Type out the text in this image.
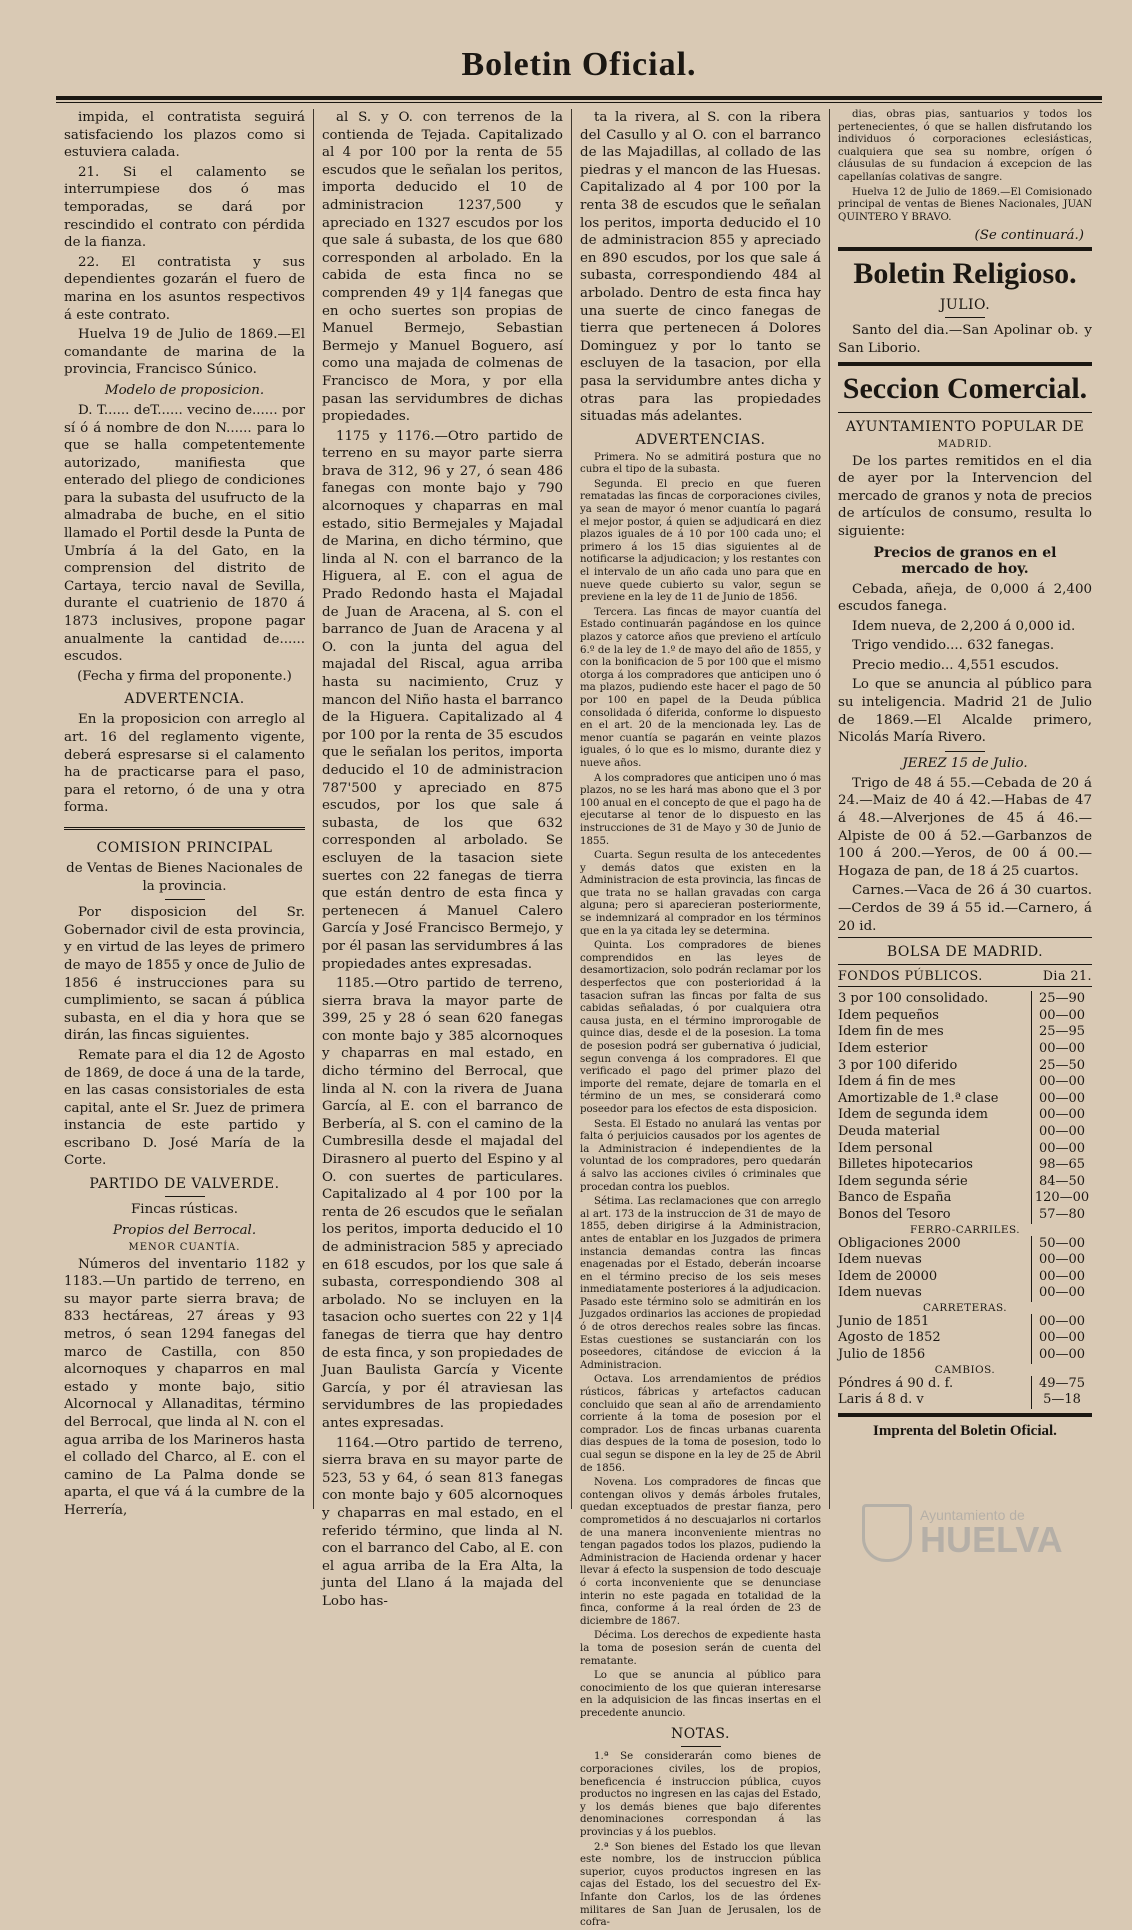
Boletin Oficial.

impida, el contratista seguirá satisfaciendo los plazos como si estuviera calada.

21. Si el calamento se interrumpiese dos ó mas temporadas, se dará por rescindido el contrato con pérdida de la fianza.

22. El contratista y sus dependientes gozarán el fuero de marina en los asuntos respectivos á este contrato.

Huelva 19 de Julio de 1869.—El comandante de marina de la provincia, Francisco Súnico.

Modelo de proposicion.

D. T...... deT...... vecino de...... por sí ó á nombre de don N...... para lo que se halla competentemente autorizado, manifiesta que enterado del pliego de condiciones para la subasta del usufructo de la almadraba de buche, en el sitio llamado el Portil desde la Punta de Umbría á la del Gato, en la comprension del distrito de Cartaya, tercio naval de Sevilla, durante el cuatrienio de 1870 á 1873 inclusives, propone pagar anualmente la cantidad de...... escudos.

(Fecha y firma del proponente.)

ADVERTENCIA.

En la proposicion con arreglo al art. 16 del reglamento vigente, deberá espresarse si el calamento ha de practicarse para el paso, para el retorno, ó de una y otra forma.

COMISION PRINCIPAL

de Ventas de Bienes Nacionales de la provincia.

Por disposicion del Sr. Gobernador civil de esta provincia, y en virtud de las leyes de primero de mayo de 1855 y once de Julio de 1856 é instrucciones para su cumplimiento, se sacan á pública subasta, en el dia y hora que se dirán, las fincas siguientes.

Remate para el dia 12 de Agosto de 1869, de doce á una de la tarde, en las casas consistoriales de esta capital, ante el Sr. Juez de primera instancia de este partido y escribano D. José María de la Corte.

PARTIDO DE VALVERDE.

Fincas rústicas.

Propios del Berrocal.
MENOR CUANTÍA.

Números del inventario 1182 y 1183.—Un partido de terreno, en su mayor parte sierra brava; de 833 hectáreas, 27 áreas y 93 metros, ó sean 1294 fanegas del marco de Castilla, con 850 alcornoques y chaparros en mal estado y monte bajo, sitio Alcornocal y Allanaditas, término del Berrocal, que linda al N. con el agua arriba de los Marineros hasta el collado del Charco, al E. con el camino de La Palma donde se aparta, el que vá á la cumbre de la Herrería,

al S. y O. con terrenos de la contienda de Tejada. Capitalizado al 4 por 100 por la renta de 55 escudos que le señalan los peritos, importa deducido el 10 de administracion 1237,500 y apreciado en 1327 escudos por los que sale á subasta, de los que 680 corresponden al arbolado. En la cabida de esta finca no se comprenden 49 y 1|4 fanegas que en ocho suertes son propias de Manuel Bermejo, Sebastian Bermejo y Manuel Boguero, así como una majada de colmenas de Francisco de Mora, y por ella pasan las servidumbres de dichas propiedades.

1175 y 1176.—Otro partido de terreno en su mayor parte sierra brava de 312, 96 y 27, ó sean 486 fanegas con monte bajo y 790 alcornoques y chaparras en mal estado, sitio Bermejales y Majadal de Marina, en dicho término, que linda al N. con el barranco de la Higuera, al E. con el agua de Prado Redondo hasta el Majadal de Juan de Aracena, al S. con el barranco de Juan de Aracena y al O. con la junta del agua del majadal del Riscal, agua arriba hasta su nacimiento, Cruz y mancon del Niño hasta el barranco de la Higuera. Capitalizado al 4 por 100 por la renta de 35 escudos que le señalan los peritos, importa deducido el 10 de administracion 787'500 y apreciado en 875 escudos, por los que sale á subasta, de los que 632 corresponden al arbolado. Se escluyen de la tasacion siete suertes con 22 fanegas de tierra que están dentro de esta finca y pertenecen á Manuel Calero García y José Francisco Bermejo, y por él pasan las servidumbres á las propiedades antes expresadas.

1185.—Otro partido de terreno, sierra brava la mayor parte de 399, 25 y 28 ó sean 620 fanegas con monte bajo y 385 alcornoques y chaparras en mal estado, en dicho término del Berrocal, que linda al N. con la rivera de Juana García, al E. con el barranco de Berbería, al S. con el camino de la Cumbresilla desde el majadal del Dirasnero al puerto del Espino y al O. con suertes de particulares. Capitalizado al 4 por 100 por la renta de 26 escudos que le señalan los peritos, importa deducido el 10 de administracion 585 y apreciado en 618 escudos, por los que sale á subasta, correspondiendo 308 al arbolado. No se incluyen en la tasacion ocho suertes con 22 y 1|4 fanegas de tierra que hay dentro de esta finca, y son propiedades de Juan Baulista García y Vicente García, y por él atraviesan las servidumbres de las propiedades antes expresadas.

1164.—Otro partido de terreno, sierra brava en su mayor parte de 523, 53 y 64, ó sean 813 fanegas con monte bajo y 605 alcornoques y chaparras en mal estado, en el referido término, que linda al N. con el barranco del Cabo, al E. con el agua arriba de la Era Alta, la junta del Llano á la majada del Lobo has-

ta la rivera, al S. con la ribera del Casullo y al O. con el barranco de las Majadillas, al collado de las piedras y el mancon de las Huesas. Capitalizado al 4 por 100 por la renta 38 de escudos que le señalan los peritos, importa deducido el 10 de administracion 855 y apreciado en 890 escudos, por los que sale á subasta, correspondiendo 484 al arbolado. Dentro de esta finca hay una suerte de cinco fanegas de tierra que pertenecen á Dolores Dominguez y por lo tanto se escluyen de la tasacion, por ella pasa la servidumbre antes dicha y otras para las propiedades situadas más adelantes.

ADVERTENCIAS.

Primera. No se admitirá postura que no cubra el tipo de la subasta.

Segunda. El precio en que fueren rematadas las fincas de corporaciones civiles, ya sean de mayor ó menor cuantía lo pagará el mejor postor, á quien se adjudicará en diez plazos iguales de á 10 por 100 cada uno; el primero á los 15 dias siguientes al de notificarse la adjudicacion; y los restantes con el intervalo de un año cada uno para que en nueve quede cubierto su valor, segun se previene en la ley de 11 de Junio de 1856.

Tercera. Las fincas de mayor cuantía del Estado continuarán pagándose en los quince plazos y catorce años que previeno el artículo 6.º de la ley de 1.º de mayo del año de 1855, y con la bonificacion de 5 por 100 que el mismo otorga á los compradores que anticipen uno ó ma plazos, pudiendo este hacer el pago de 50 por 100 en papel de la Deuda pública consolidada ó diferida, conforme lo dispuesto en el art. 20 de la mencionada ley. Las de menor cuantía se pagarán en veinte plazos iguales, ó lo que es lo mismo, durante diez y nueve años.

A los compradores que anticipen uno ó mas plazos, no se les hará mas abono que el 3 por 100 anual en el concepto de que el pago ha de ejecutarse al tenor de lo dispuesto en las instrucciones de 31 de Mayo y 30 de Junio de 1855.

Cuarta. Segun resulta de los antecedentes y demás datos que existen en la Administracion de esta provincia, las fincas de que trata no se hallan gravadas con carga alguna; pero si aparecieran posteriormente, se indemnizará al comprador en los términos que en la ya citada ley se determina.

Quinta. Los compradores de bienes comprendidos en las leyes de desamortizacion, solo podrán reclamar por los desperfectos que con posterioridad á la tasacion sufran las fincas por falta de sus cabidas señaladas, ó por cualquiera otra causa justa, en el término improrogable de quince dias, desde el de la posesion. La toma de posesion podrá ser gubernativa ó judicial, segun convenga á los compradores. El que verificado el pago del primer plazo del importe del remate, dejare de tomarla en el término de un mes, se considerará como poseedor para los efectos de esta disposicion.

Sesta. El Estado no anulará las ventas por falta ó perjuicios causados por los agentes de la Administracion é independientes de la voluntad de los compradores, pero quedarán á salvo las acciones civiles ó criminales que procedan contra los pueblos.

Sétima. Las reclamaciones que con arreglo al art. 173 de la instruccion de 31 de mayo de 1855, deben dirigirse á la Administracion, antes de entablar en los Juzgados de primera instancia demandas contra las fincas enagenadas por el Estado, deberán incoarse en el término preciso de los seis meses inmediatamente posteriores á la adjudicacion. Pasado este término solo se admitirán en los Juzgados ordinarios las acciones de propiedad ó de otros derechos reales sobre las fincas. Estas cuestiones se sustanciarán con los poseedores, citándose de eviccion á la Administracion.

Octava. Los arrendamientos de prédios rústicos, fábricas y artefactos caducan concluido que sean al año de arrendamiento corriente á la toma de posesion por el comprador. Los de fincas urbanas cuarenta dias despues de la toma de posesion, todo lo cual segun se dispone en la ley de 25 de Abril de 1856.

Novena. Los compradores de fincas que contengan olivos y demás árboles frutales, quedan exceptuados de prestar fianza, pero comprometidos á no descuajarlos ni cortarlos de una manera inconveniente mientras no tengan pagados todos los plazos, pudiendo la Administracion de Hacienda ordenar y hacer llevar á efecto la suspension de todo descuaje ó corta inconveniente que se denunciase interin no este pagada en totalidad de la finca, conforme á la real órden de 23 de diciembre de 1867.

Décima. Los derechos de expediente hasta la toma de posesion serán de cuenta del rematante.

Lo que se anuncia al público para conocimiento de los que quieran interesarse en la adquisicion de las fincas insertas en el precedente anuncio.

NOTAS.

1.ª Se considerarán como bienes de corporaciones civiles, los de propios, beneficencia é instruccion pública, cuyos productos no ingresen en las cajas del Estado, y los demás bienes que bajo diferentes denominaciones correspondan á las provincias y á los pueblos.

2.ª Son bienes del Estado los que llevan este nombre, los de instruccion pública superior, cuyos productos ingresen en las cajas del Estado, los del secuestro del Ex-Infante don Carlos, los de las órdenes militares de San Juan de Jerusalen, los de cofra-

dias, obras pias, santuarios y todos los pertenecientes, ó que se hallen disfrutando los individuos ó corporaciones eclesiásticas, cualquiera que sea su nombre, orígen ó cláusulas de su fundacion á excepcion de las capellanías colativas de sangre.

Huelva 12 de Julio de 1869.—El Comisionado principal de ventas de Bienes Nacionales, JUAN QUINTERO Y BRAVO.

(Se continuará.)
Boletin Religioso.
JULIO.

Santo del dia.—San Apolinar ob. y San Liborio.

Seccion Comercial.
AYUNTAMIENTO POPULAR DE
MADRID.

De los partes remitidos en el dia de ayer por la Intervencion del mercado de granos y nota de precios de artículos de consumo, resulta lo siguiente:

Precios de granos en el mercado de hoy.

Cebada, añeja, de 0,000 á 2,400 escudos fanega.

Idem nueva, de 2,200 á 0,000 id.

Trigo vendido.... 632 fanegas.

Precio medio... 4,551 escudos.

Lo que se anuncia al público para su inteligencia. Madrid 21 de Julio de 1869.—El Alcalde primero, Nicolás María Rivero.

JEREZ 15 de Julio.

Trigo de 48 á 55.—Cebada de 20 á 24.—Maiz de 40 á 42.—Habas de 47 á 48.—Alverjones de 45 á 46.—Alpiste de 00 á 52.—Garbanzos de 100 á 200.—Yeros, de 00 á 00.—Hogaza de pan, de 18 á 25 cuartos.

Carnes.—Vaca de 26 á 30 cuartos.—Cerdos de 39 á 55 id.—Carnero, á 20 id.

BOLSA DE MADRID.
FONDOS PÚBLICOS.	Dia 21.
3 por 100 consolidado.	25—90
Idem pequeños	00—00
Idem fin de mes	25—95
Idem esterior	00—00
3 por 100 diferido	25—50
Idem á fin de mes	00—00
Amortizable de 1.ª clase	00—00
Idem de segunda idem	00—00
Deuda material	00—00
Idem personal	00—00
Billetes hipotecarios	98—65
Idem segunda série	84—50
Banco de España	120—00
Bonos del Tesoro	57—80
FERRO-CARRILES.
Obligaciones 2000	50—00
Idem nuevas	00—00
Idem de 20000	00—00
Idem nuevas	00—00
CARRETERAS.
Junio de 1851	00—00
Agosto de 1852	00—00
Julio de 1856	00—00
CAMBIOS.
Póndres á 90 d. f.	49—75
Laris á 8 d. v	5—18
Imprenta del Boletin Oficial.
Ayuntamiento de
HUELVA
